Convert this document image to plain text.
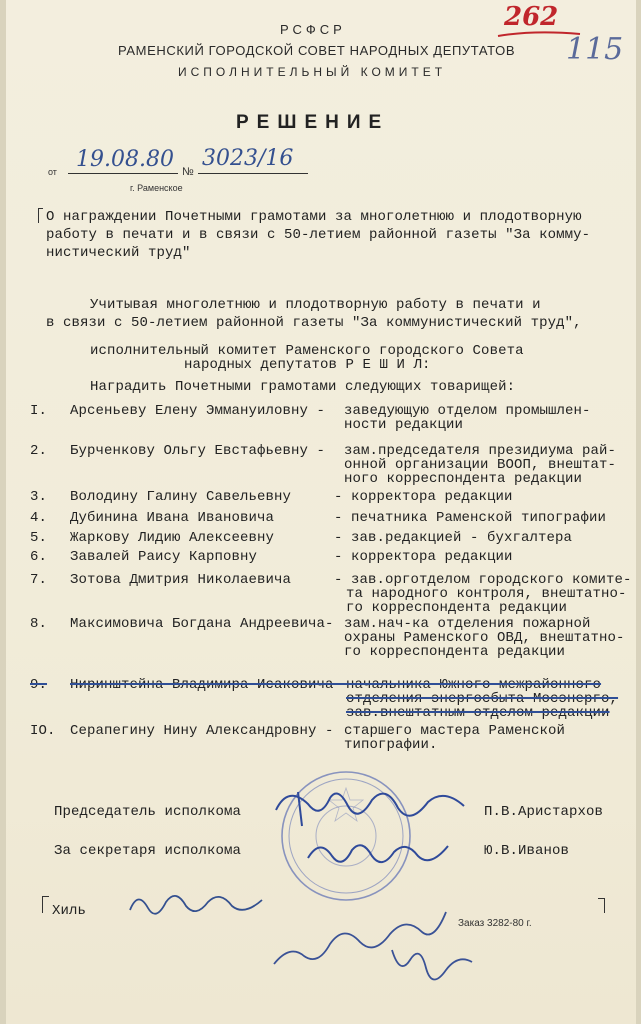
262
115
РСФСР
РАМЕНСКИЙ ГОРОДСКОЙ СОВЕТ НАРОДНЫХ ДЕПУТАТОВ
ИСПОЛНИТЕЛЬНЫЙ КОМИТЕТ
РЕШЕНИЕ
от 19.08.80 №
3023/16
г. Раменское
О награждении Почетными грамотами за многолетнюю и плодотворную
работу в печати и в связи с 50-летием районной газеты "За комму-
нистический труд"
Учитывая многолетнюю и плодотворную работу в печати и
в связи с 50-летием районной газеты "За коммунистический труд",
исполнительный комитет Раменского городского Совета
народных депутатов Р Е Ш И Л:
Наградить Почетными грамотами следующих товарищей:
I. Арсеньеву Елену Эммануиловну - заведующую отделом промышлен-
ности редакции
2. Бурченкову Ольгу Евстафьевну - зам.председателя президиума рай-
онной организации ВООП, внештат-
ного корреспондента редакции
3. Володину Галину Савельевну	- корректора редакции
4. Дубинина Ивана Ивановича	- печатника Раменской типографии
5. Жаркову Лидию Алексеевну	- зав.редакцией - бухгалтера
6. Завалей Раису Карповну	- корректора редакции
7. Зотова Дмитрия Николаевича	- зав.орготделом городского комите-
та народного контроля, внештатно-
го корреспондента редакции
8. Максимовича Богдана Андреевича- зам.нач-ка отделения пожарной
охраны Раменского ОВД, внештатно-
го корреспондента редакции
9. Ниринштейна Владимира Исаковича -
начальника Южного межрайонного
отделения энергосбыта Мосэнерго,
зав.внештатным отделом редакции
IO. Серапегину Нину Александровну - старшего мастера Раменской
типографии.
Председатель исполкома	П.В.Аристархов
За секретаря исполкома	Ю.В.Иванов
Хиль
Заказ 3282-80 г.
